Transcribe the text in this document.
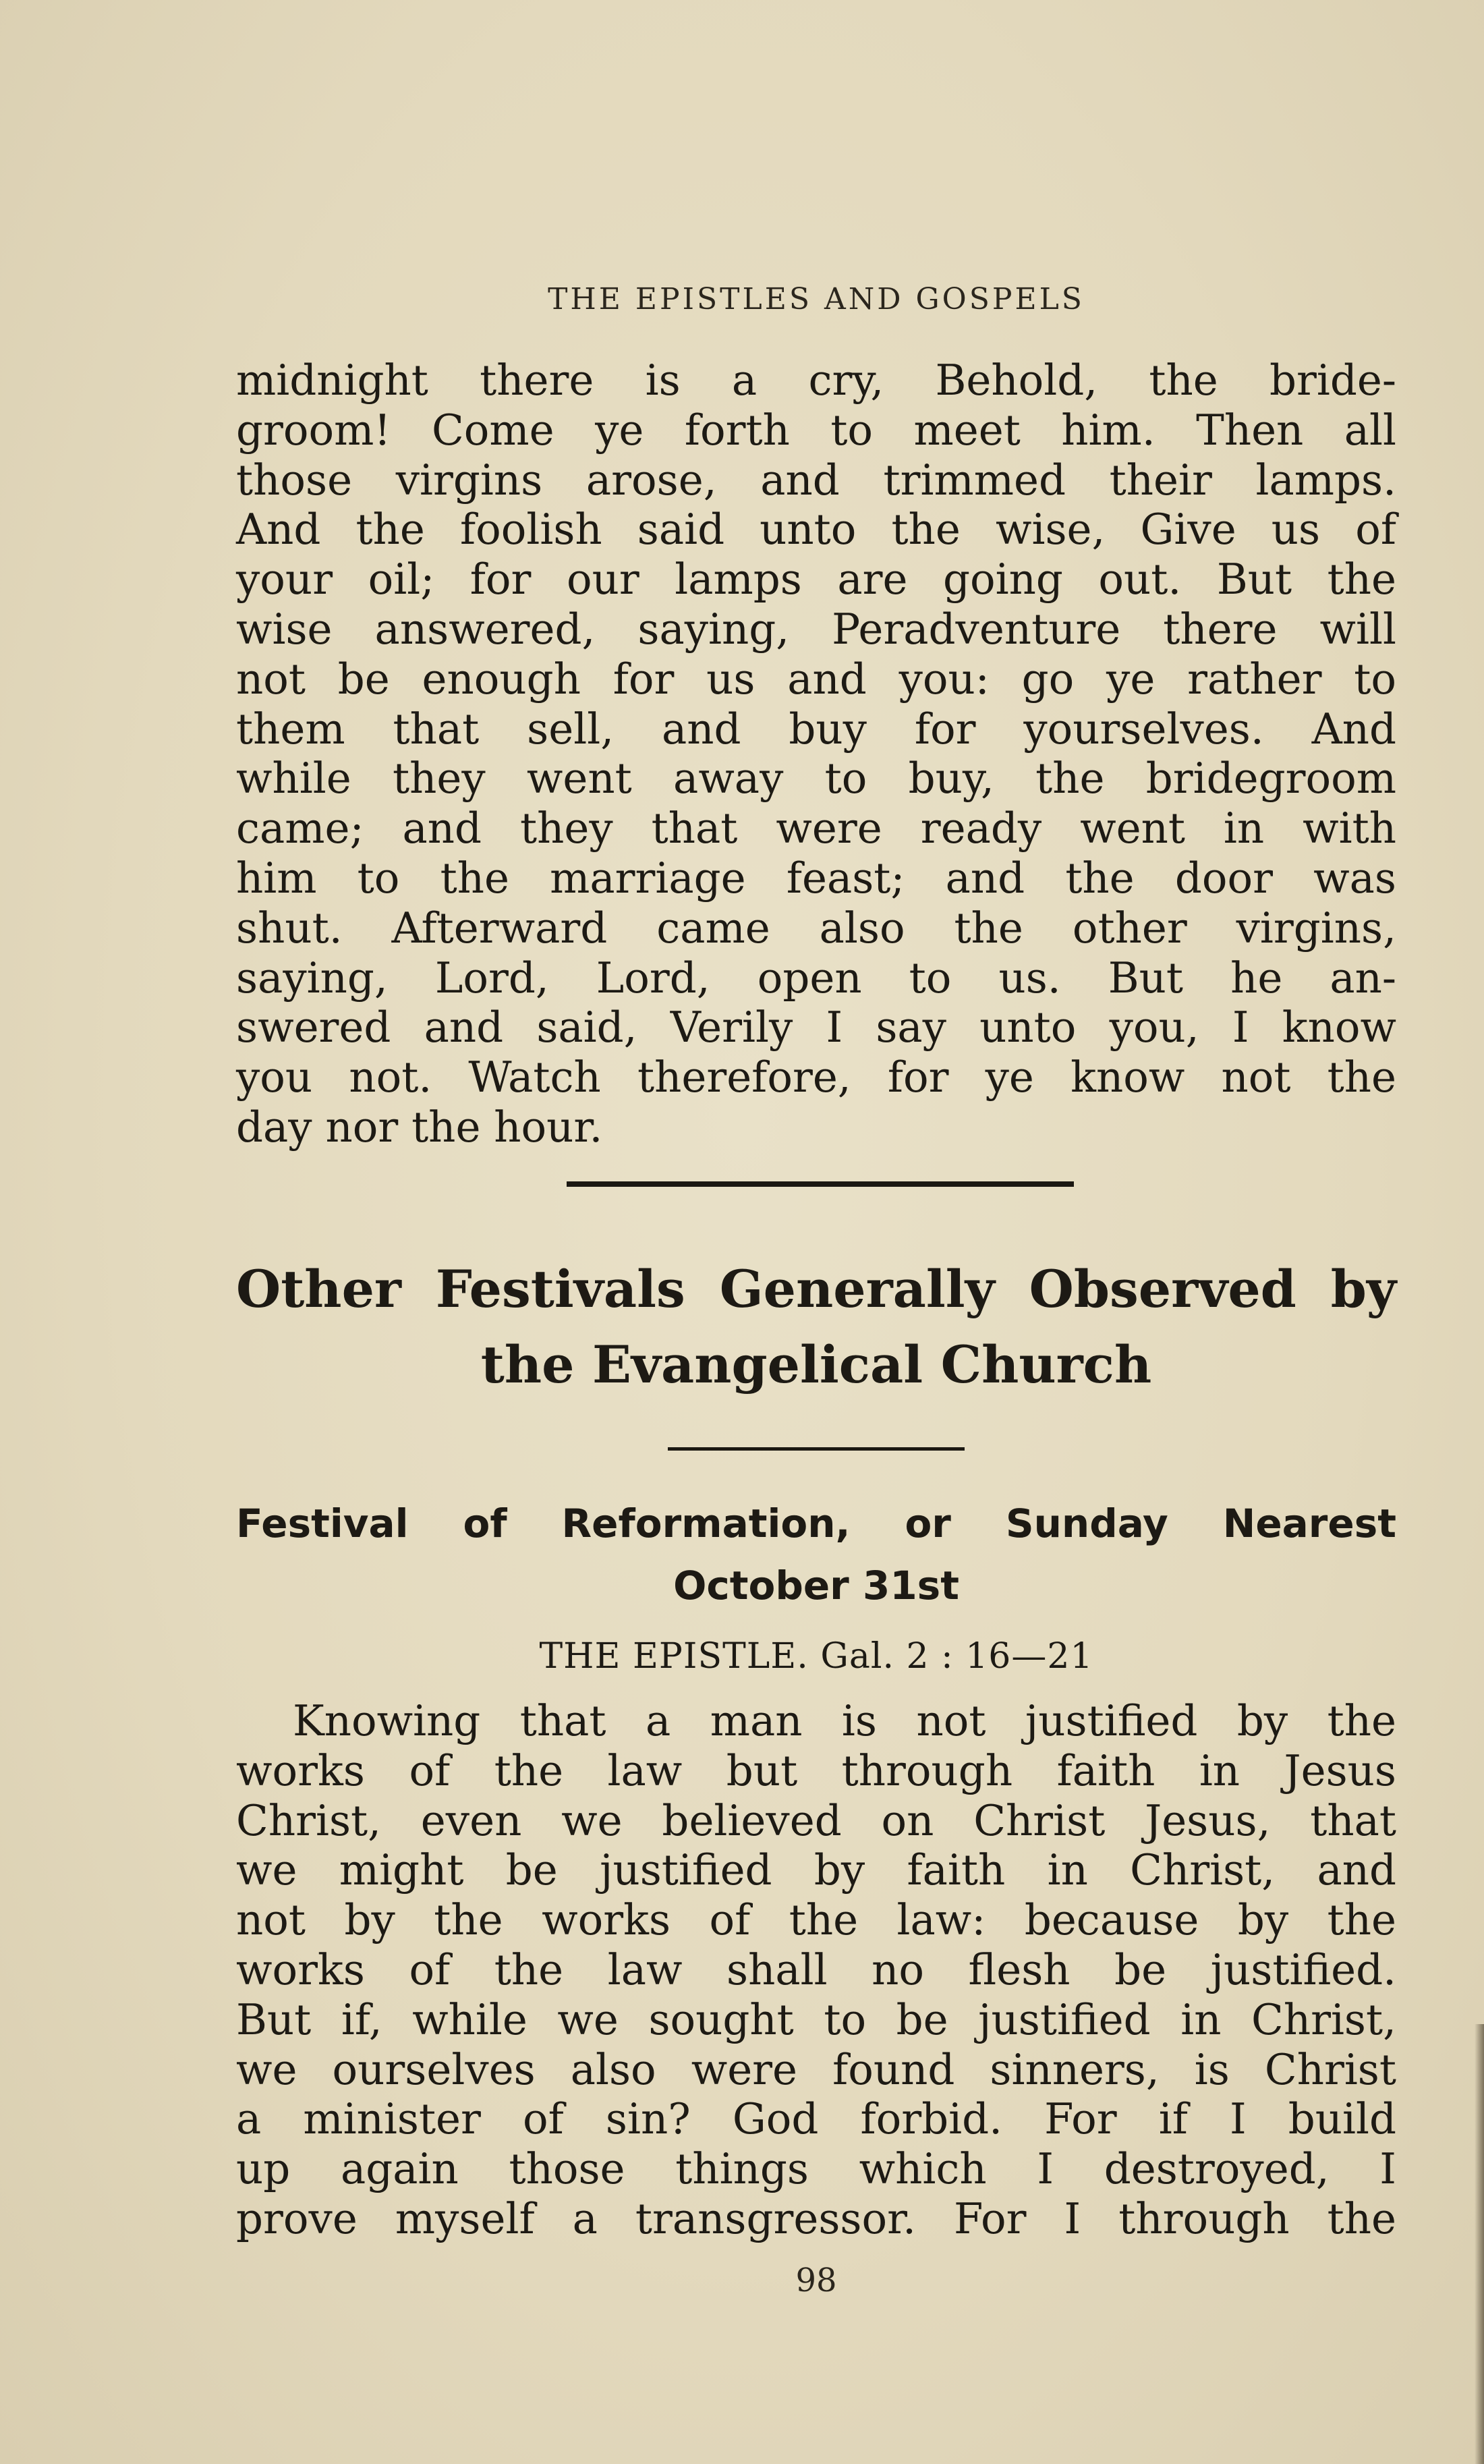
THE EPISTLES AND GOSPELS
midnight there is a cry, Behold, the bride-
groom! Come ye forth to meet him. Then all
those virgins arose, and trimmed their lamps.
And the foolish said unto the wise, Give us of
your oil; for our lamps are going out. But the
wise answered, saying, Peradventure there will
not be enough for us and you: go ye rather to
them that sell, and buy for yourselves. And
while they went away to buy, the bridegroom
came; and they that were ready went in with
him to the marriage feast; and the door was
shut. Afterward came also the other virgins,
saying, Lord, Lord, open to us. But he an-
swered and said, Verily I say unto you, I know
you not. Watch therefore, for ye know not the
day nor the hour.
Other Festivals Generally Observed by
the Evangelical Church
Festival of Reformation, or Sunday Nearest
October 31st
THE EPISTLE. Gal. 2 : 16—21
Knowing that a man is not justified by the
works of the law but through faith in Jesus
Christ, even we believed on Christ Jesus, that
we might be justified by faith in Christ, and
not by the works of the law: because by the
works of the law shall no flesh be justified.
But if, while we sought to be justified in Christ,
we ourselves also were found sinners, is Christ
a minister of sin? God forbid. For if I build
up again those things which I destroyed, I
prove myself a transgressor. For I through the
98
